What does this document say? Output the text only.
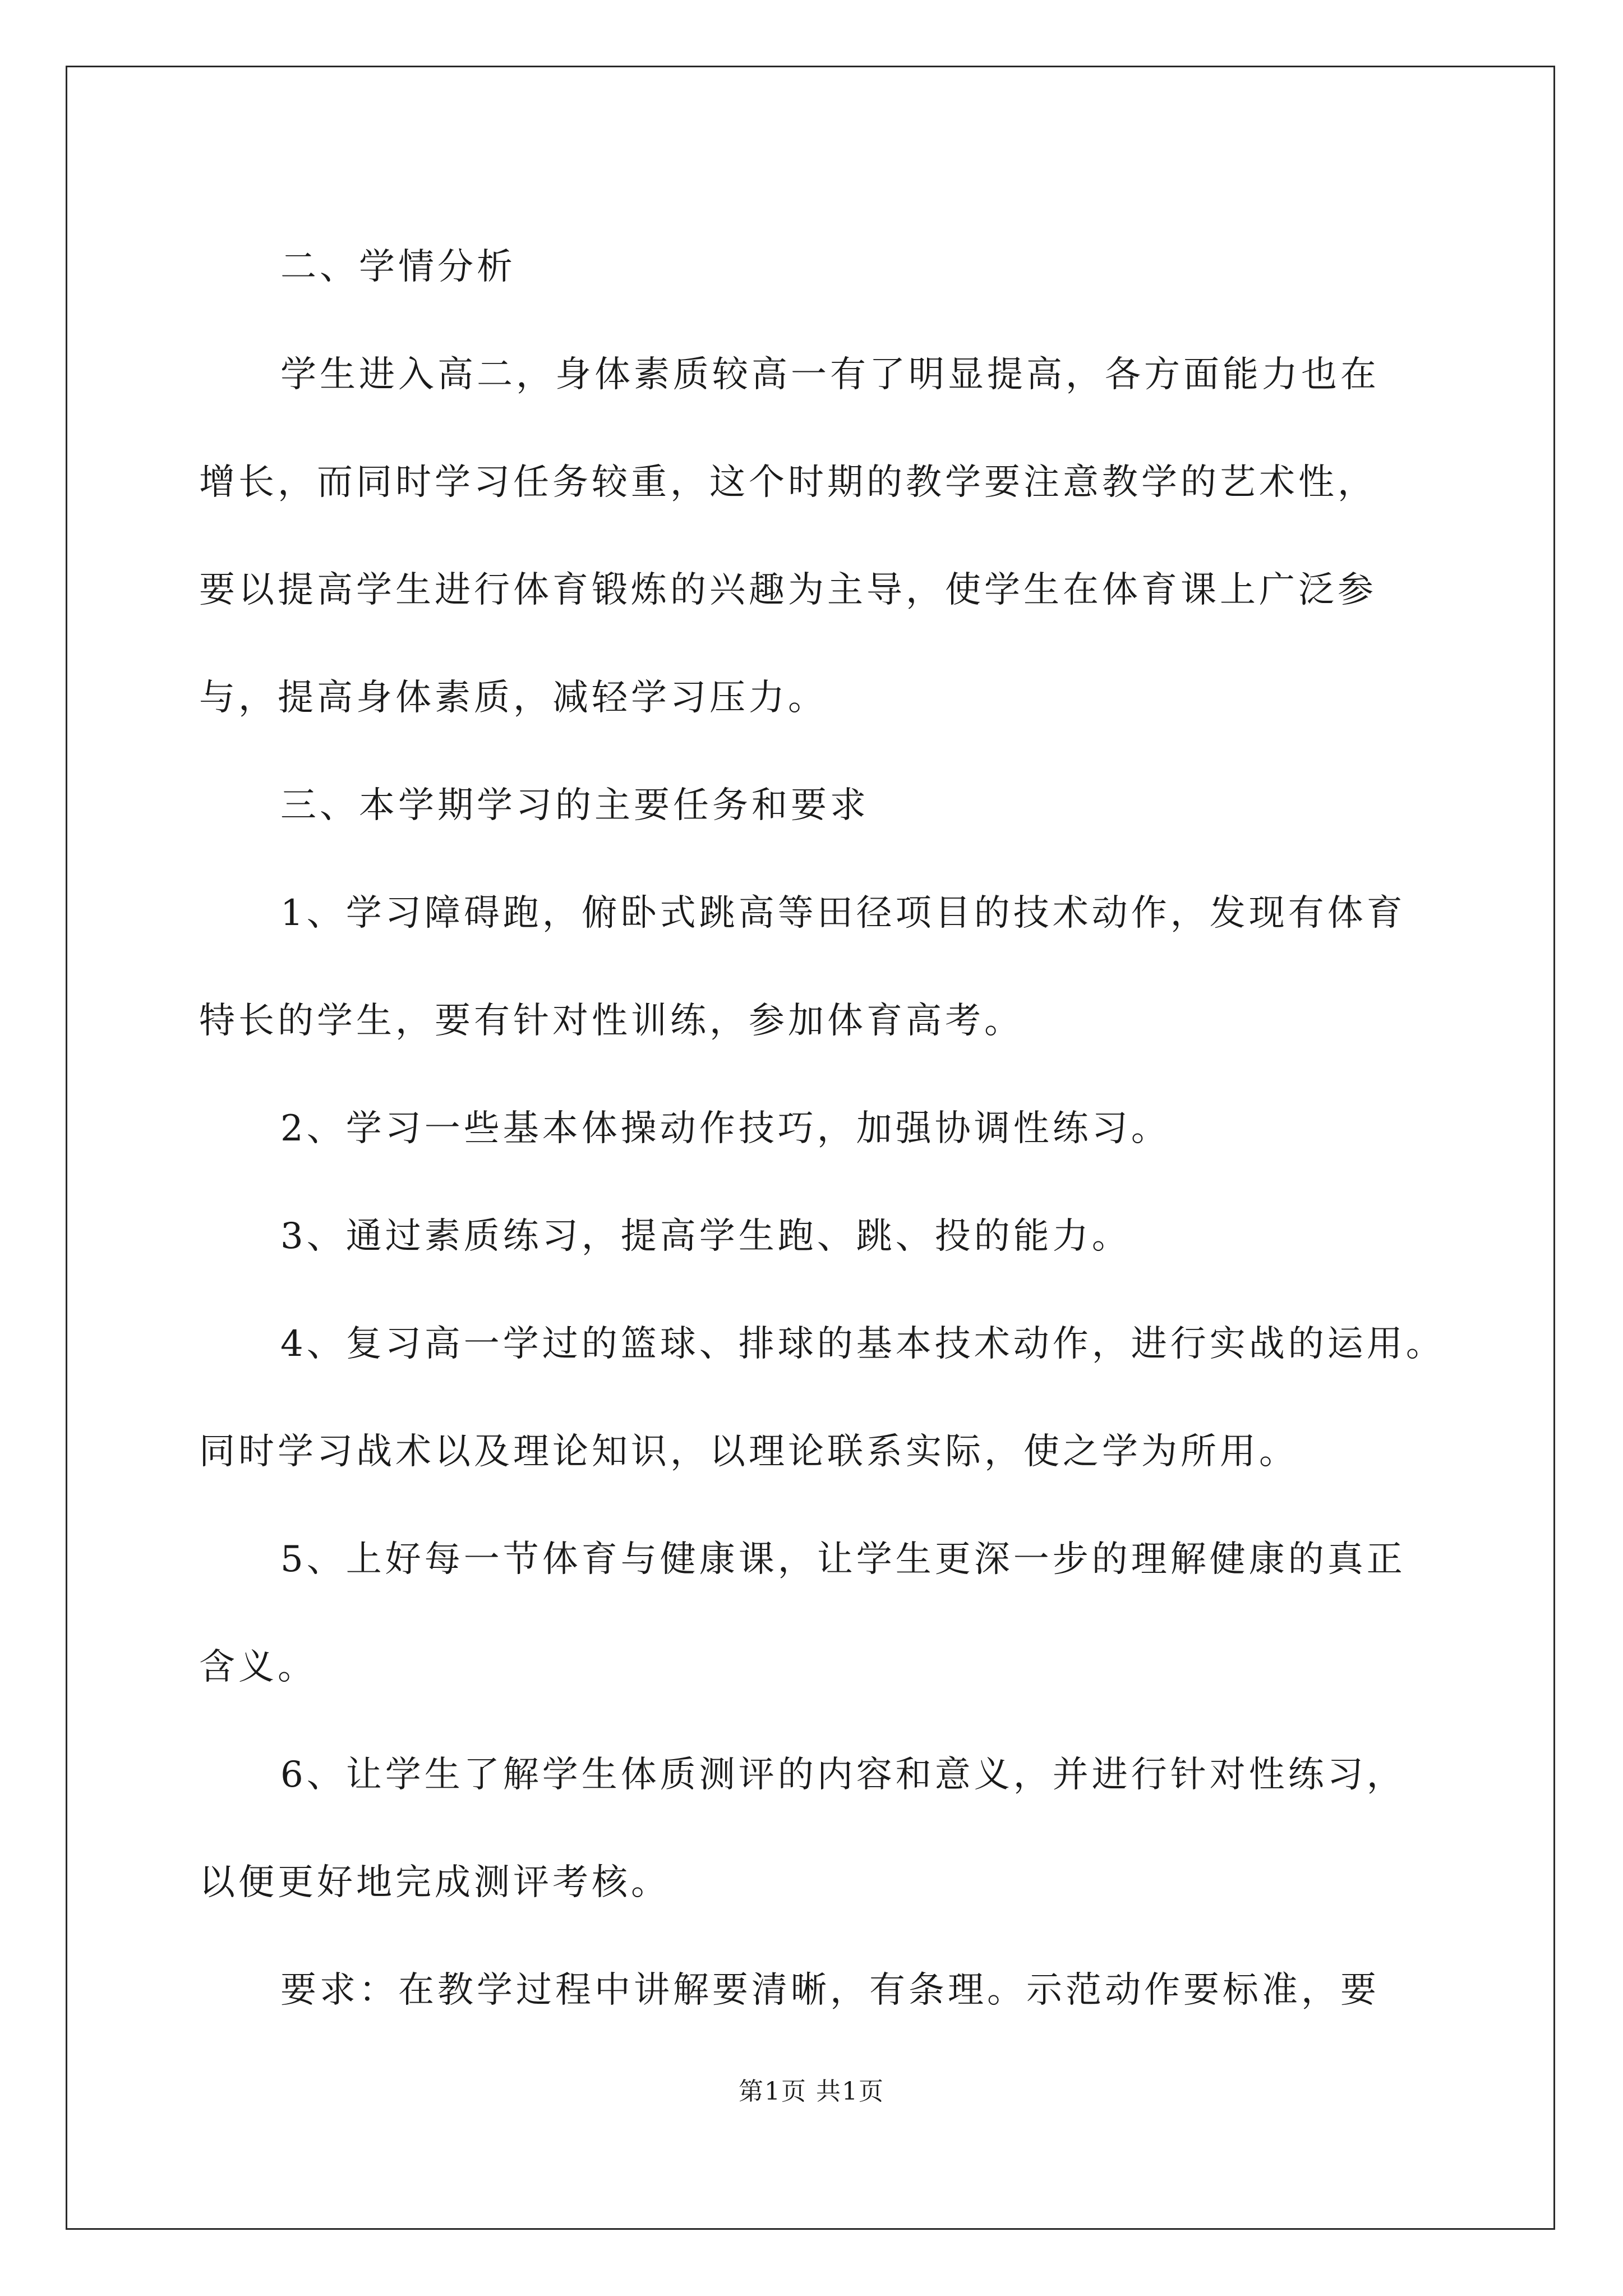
二、学情分析

学生进入高二，身体素质较高一有了明显提高，各方面能力也在

增长，而同时学习任务较重，这个时期的教学要注意教学的艺术性，

要以提高学生进行体育锻炼的兴趣为主导，使学生在体育课上广泛参

与，提高身体素质，减轻学习压力。

三、本学期学习的主要任务和要求

1、学习障碍跑，俯卧式跳高等田径项目的技术动作，发现有体育

特长的学生，要有针对性训练，参加体育高考。

2、学习一些基本体操动作技巧，加强协调性练习。

3、通过素质练习，提高学生跑、跳、投的能力。

4、复习高一学过的篮球、排球的基本技术动作，进行实战的运用。

同时学习战术以及理论知识，以理论联系实际，使之学为所用。

5、上好每一节体育与健康课，让学生更深一步的理解健康的真正

含义。

6、让学生了解学生体质测评的内容和意义，并进行针对性练习，

以便更好地完成测评考核。

要求：在教学过程中讲解要清晰，有条理。示范动作要标准，要

第1页 共1页
